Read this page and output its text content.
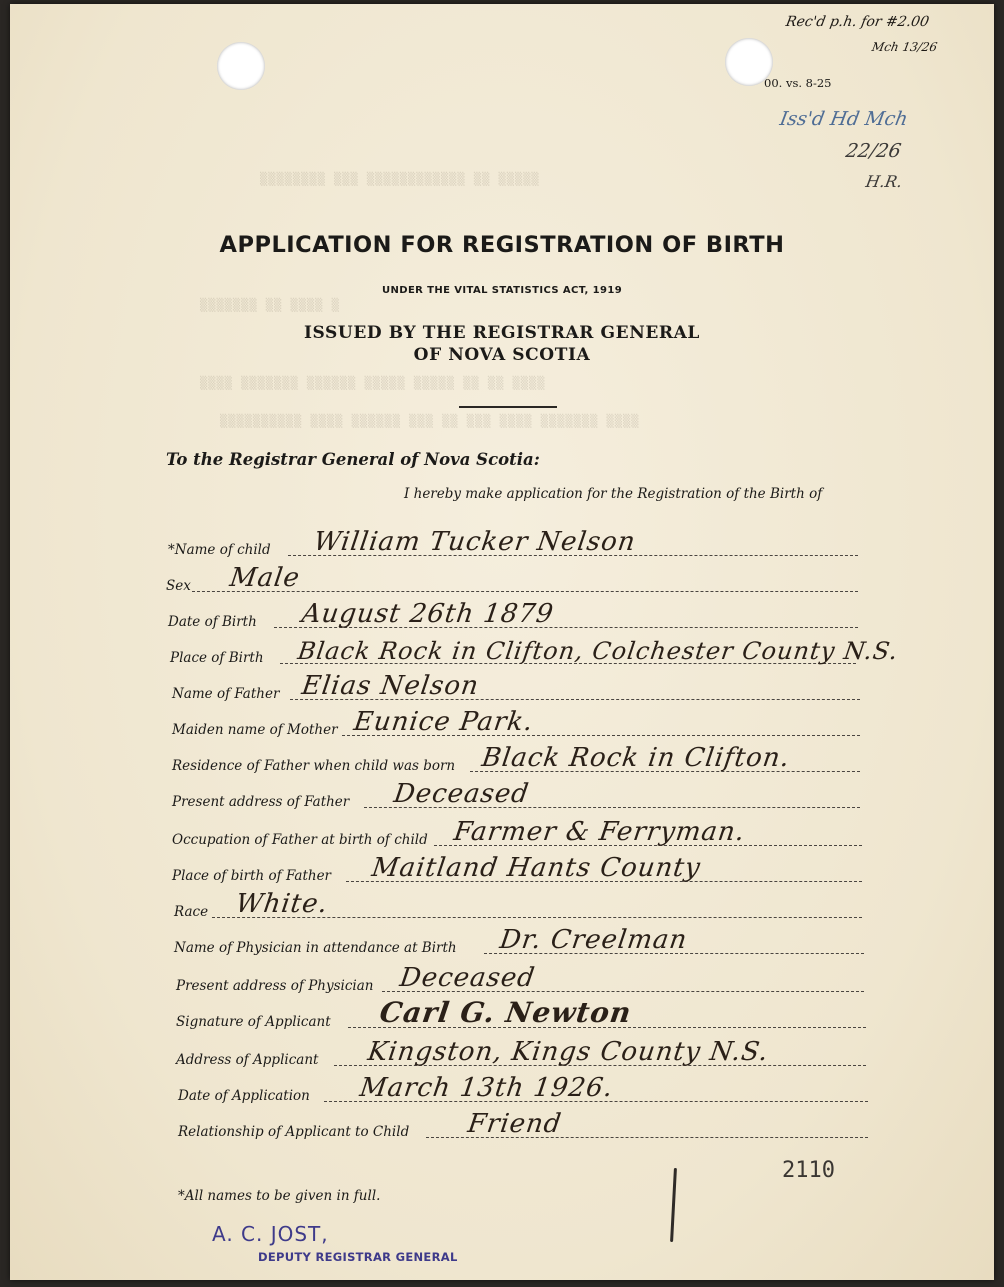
▒▒▒▒▒▒▒▒ ▒▒▒ ▒▒▒▒▒▒▒▒▒▒▒▒ ▒▒ ▒▒▒▒▒
▒▒▒▒▒▒▒ ▒▒ ▒▒▒▒ ▒
▒▒▒▒ ▒▒▒▒▒▒▒ ▒▒▒▒▒▒ ▒▒▒▒▒ ▒▒▒▒▒ ▒▒ ▒▒ ▒▒▒▒
▒▒▒▒▒▒▒▒▒▒ ▒▒▒▒ ▒▒▒▒▒▒ ▒▒▒ ▒▒ ▒▒▒ ▒▒▒▒ ▒▒▒▒▒▒▒ ▒▒▒▒
00. vs. 8-25
Rec'd p.h. for #2.00
Mch 13/26
Iss'd Hd Mch
22/26
H.R.
APPLICATION FOR REGISTRATION OF BIRTH
UNDER THE VITAL STATISTICS ACT, 1919
ISSUED BY THE REGISTRAR GENERAL
OF NOVA SCOTIA
To the Registrar General of Nova Scotia:
I hereby make application for the Registration of the Birth of
*Name of child William Tucker Nelson
Sex Male
Date of Birth August 26th 1879
Place of Birth Black Rock in Clifton, Colchester County N.S.
Name of Father Elias Nelson
Maiden name of Mother Eunice Park.
Residence of Father when child was born Black Rock in Clifton.
Present address of Father Deceased
Occupation of Father at birth of child Farmer & Ferryman.
Place of birth of Father Maitland Hants County
Race White.
Name of Physician in attendance at Birth Dr. Creelman
Present address of Physician Deceased
Signature of Applicant Carl G. Newton
Address of Applicant Kingston, Kings County N.S.
Date of Application March 13th 1926.
Relationship of Applicant to Child Friend
*All names to be given in full.
2110
A. C. JOST,
DEPUTY REGISTRAR GENERAL
